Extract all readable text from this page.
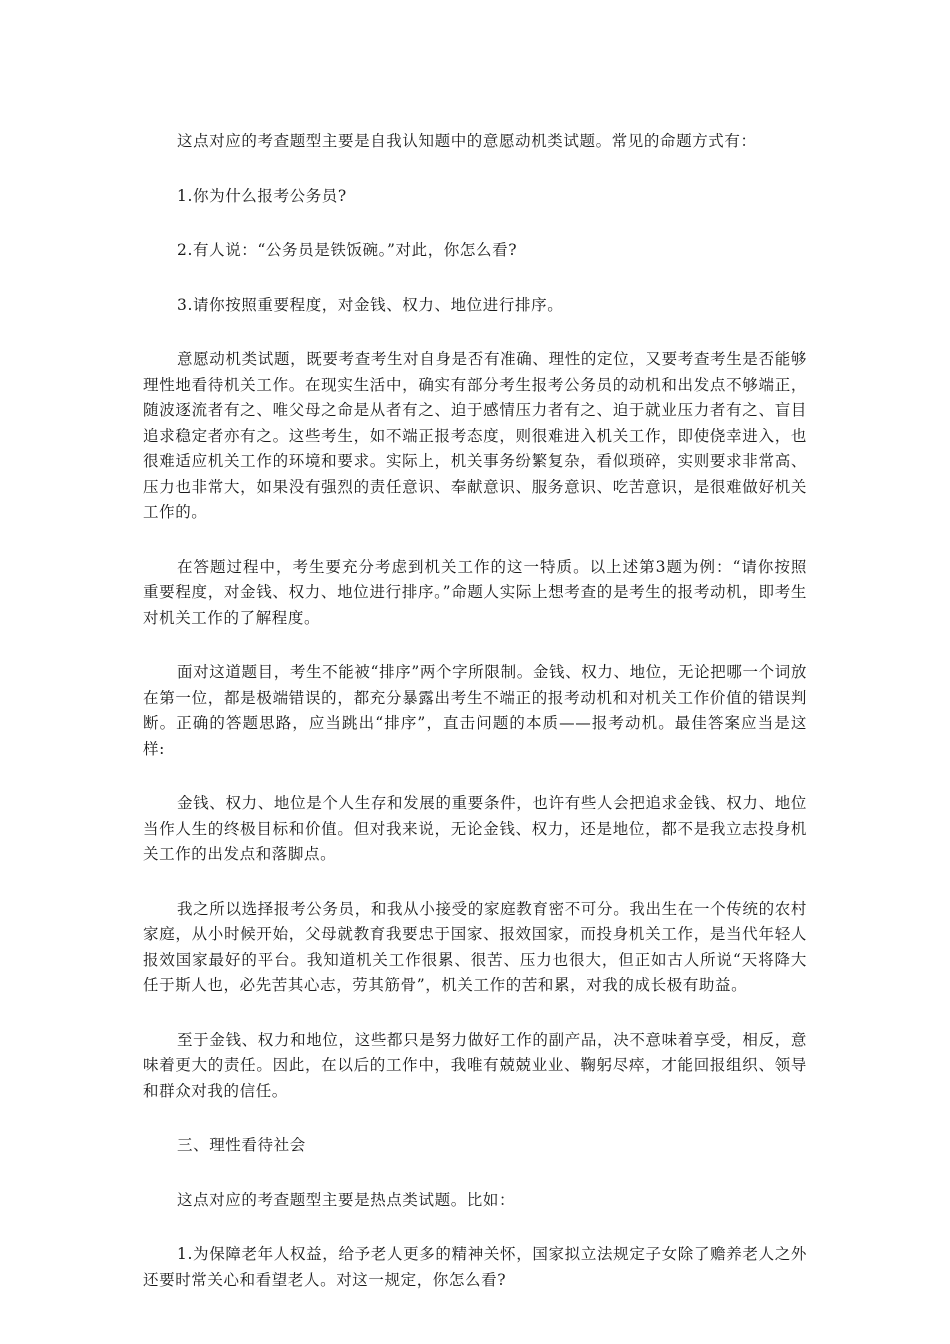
这点对应的考查题型主要是自我认知题中的意愿动机类试题。常见的命题方式有：

1.你为什么报考公务员?

2.有人说：“公务员是铁饭碗。”对此，你怎么看?

3.请你按照重要程度，对金钱、权力、地位进行排序。

意愿动机类试题，既要考查考生对自身是否有准确、理性的定位，又要考查考生是否能够理性地看待机关工作。在现实生活中，确实有部分考生报考公务员的动机和出发点不够端正，随波逐流者有之、唯父母之命是从者有之、迫于感情压力者有之、迫于就业压力者有之、盲目追求稳定者亦有之。这些考生，如不端正报考态度，则很难进入机关工作，即使侥幸进入，也很难适应机关工作的环境和要求。实际上，机关事务纷繁复杂，看似琐碎，实则要求非常高、压力也非常大，如果没有强烈的责任意识、奉献意识、服务意识、吃苦意识，是很难做好机关工作的。

在答题过程中，考生要充分考虑到机关工作的这一特质。以上述第3题为例：“请你按照重要程度，对金钱、权力、地位进行排序。”命题人实际上想考查的是考生的报考动机，即考生对机关工作的了解程度。

面对这道题目，考生不能被“排序”两个字所限制。金钱、权力、地位，无论把哪一个词放在第一位，都是极端错误的，都充分暴露出考生不端正的报考动机和对机关工作价值的错误判断。正确的答题思路，应当跳出“排序”，直击问题的本质——报考动机。最佳答案应当是这样:

金钱、权力、地位是个人生存和发展的重要条件，也许有些人会把追求金钱、权力、地位当作人生的终极目标和价值。但对我来说，无论金钱、权力，还是地位，都不是我立志投身机关工作的出发点和落脚点。

我之所以选择报考公务员，和我从小接受的家庭教育密不可分。我出生在一个传统的农村家庭，从小时候开始，父母就教育我要忠于国家、报效国家，而投身机关工作，是当代年轻人报效国家最好的平台。我知道机关工作很累、很苦、压力也很大，但正如古人所说“天将降大任于斯人也，必先苦其心志，劳其筋骨”，机关工作的苦和累，对我的成长极有助益。

至于金钱、权力和地位，这些都只是努力做好工作的副产品，决不意味着享受，相反，意味着更大的责任。因此，在以后的工作中，我唯有兢兢业业、鞠躬尽瘁，才能回报组织、领导和群众对我的信任。

三、理性看待社会

这点对应的考查题型主要是热点类试题。比如：

1.为保障老年人权益，给予老人更多的精神关怀，国家拟立法规定子女除了赡养老人之外还要时常关心和看望老人。对这一规定，你怎么看?
